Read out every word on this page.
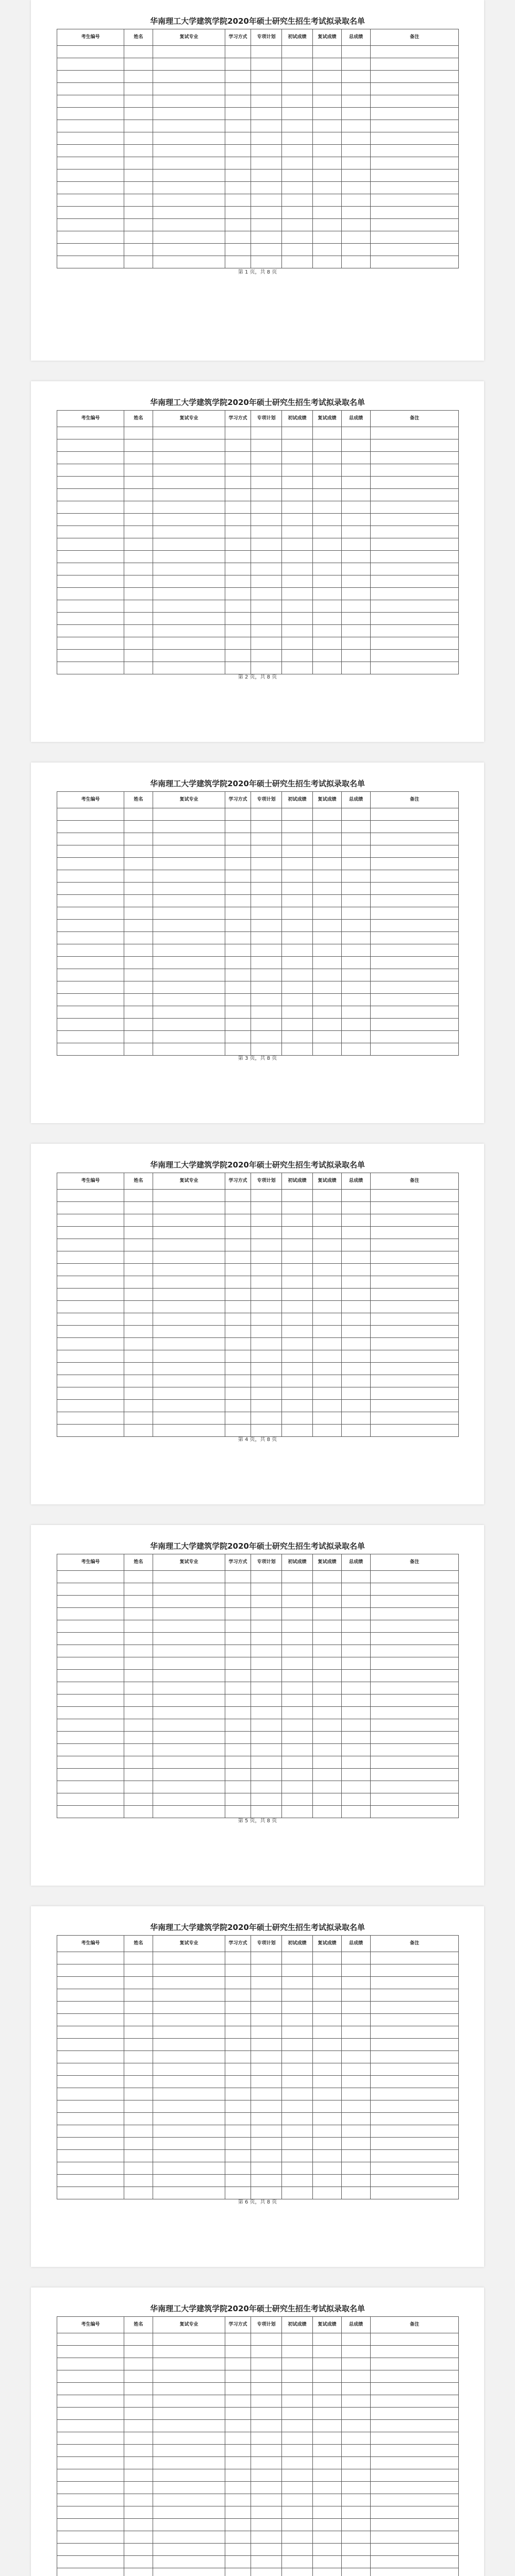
华南理工大学建筑学院2020年硕士研究生招生考试拟录取名单
考生编号	姓名	复试专业	学习方式	专项计划	初试成绩	复试成绩	总成绩	备注

第 1 页，共 8 页
华南理工大学建筑学院2020年硕士研究生招生考试拟录取名单
考生编号	姓名	复试专业	学习方式	专项计划	初试成绩	复试成绩	总成绩	备注

第 2 页，共 8 页
华南理工大学建筑学院2020年硕士研究生招生考试拟录取名单
考生编号	姓名	复试专业	学习方式	专项计划	初试成绩	复试成绩	总成绩	备注

第 3 页，共 8 页
华南理工大学建筑学院2020年硕士研究生招生考试拟录取名单
考生编号	姓名	复试专业	学习方式	专项计划	初试成绩	复试成绩	总成绩	备注

第 4 页，共 8 页
华南理工大学建筑学院2020年硕士研究生招生考试拟录取名单
考生编号	姓名	复试专业	学习方式	专项计划	初试成绩	复试成绩	总成绩	备注

第 5 页，共 8 页
华南理工大学建筑学院2020年硕士研究生招生考试拟录取名单
考生编号	姓名	复试专业	学习方式	专项计划	初试成绩	复试成绩	总成绩	备注

第 6 页，共 8 页
华南理工大学建筑学院2020年硕士研究生招生考试拟录取名单
考生编号	姓名	复试专业	学习方式	专项计划	初试成绩	复试成绩	总成绩	备注
